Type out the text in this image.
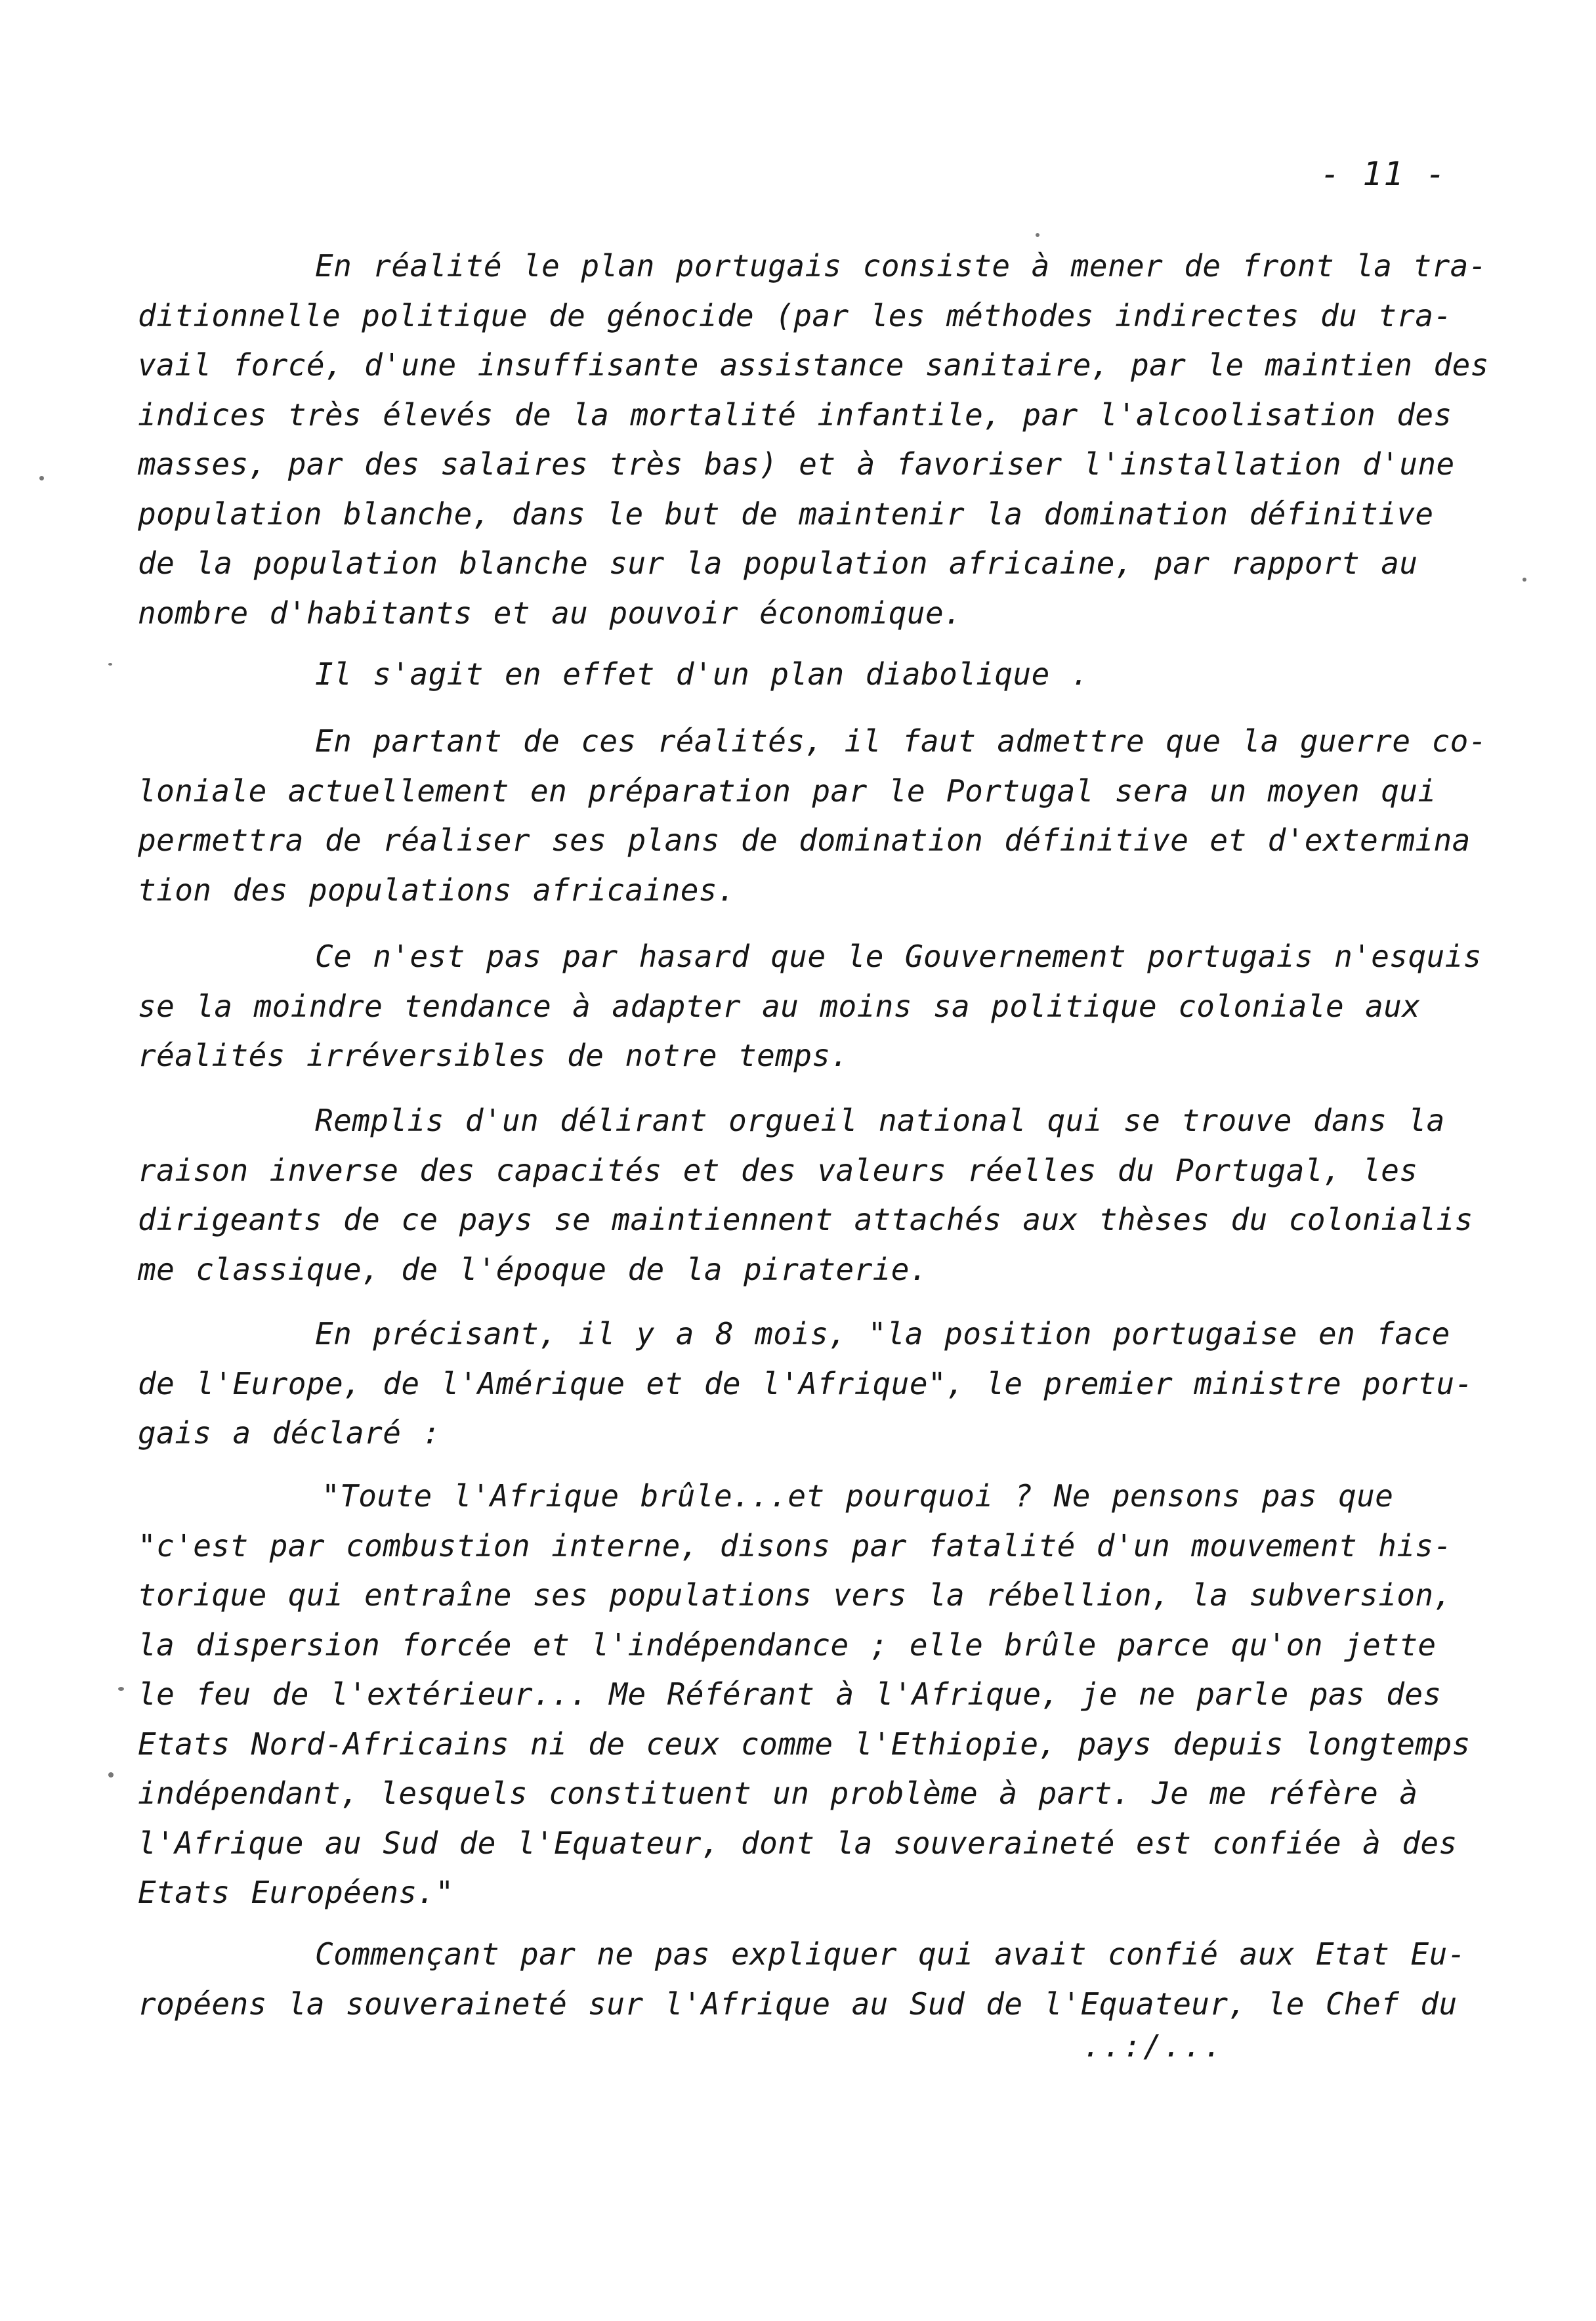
- 11 -
En réalité le plan portugais consiste à mener de front la tra-
ditionnelle politique de génocide (par les méthodes indirectes du tra-
vail forcé, d'une insuffisante assistance sanitaire, par le maintien des
indices très élevés de la mortalité infantile, par l'alcoolisation des
masses, par des salaires très bas) et à favoriser l'installation d'une
population blanche, dans le but de maintenir la domination définitive
de la population blanche sur la population africaine, par rapport au
nombre d'habitants et au pouvoir économique.
Il s'agit en effet d'un plan diabolique .
En partant de ces réalités, il faut admettre que la guerre co-
loniale actuellement en préparation par le Portugal sera un moyen qui
permettra de réaliser ses plans de domination définitive et d'extermina
tion des populations africaines.
Ce n'est pas par hasard que le Gouvernement portugais n'esquis
se la moindre tendance à adapter au moins sa politique coloniale aux
réalités irréversibles de notre temps.
Remplis d'un délirant orgueil national qui se trouve dans la
raison inverse des capacités et des valeurs réelles du Portugal, les
dirigeants de ce pays se maintiennent attachés aux thèses du colonialis
me classique, de l'époque de la piraterie.
En précisant, il y a 8 mois, "la position portugaise en face
de l'Europe, de l'Amérique et de l'Afrique", le premier ministre portu-
gais a déclaré :
"Toute l'Afrique brûle...et pourquoi ? Ne pensons pas que
"c'est par combustion interne, disons par fatalité d'un mouvement his-
torique qui entraîne ses populations vers la rébellion, la subversion,
la dispersion forcée et l'indépendance ; elle brûle parce qu'on jette
le feu de l'extérieur... Me Référant à l'Afrique, je ne parle pas des
Etats Nord-Africains ni de ceux comme l'Ethiopie, pays depuis longtemps
indépendant, lesquels constituent un problème à part. Je me réfère à
l'Afrique au Sud de l'Equateur, dont la souveraineté est confiée à des
Etats Européens."
Commençant par ne pas expliquer qui avait confié aux Etat Eu-
ropéens la souveraineté sur l'Afrique au Sud de l'Equateur, le Chef du
..:/...
